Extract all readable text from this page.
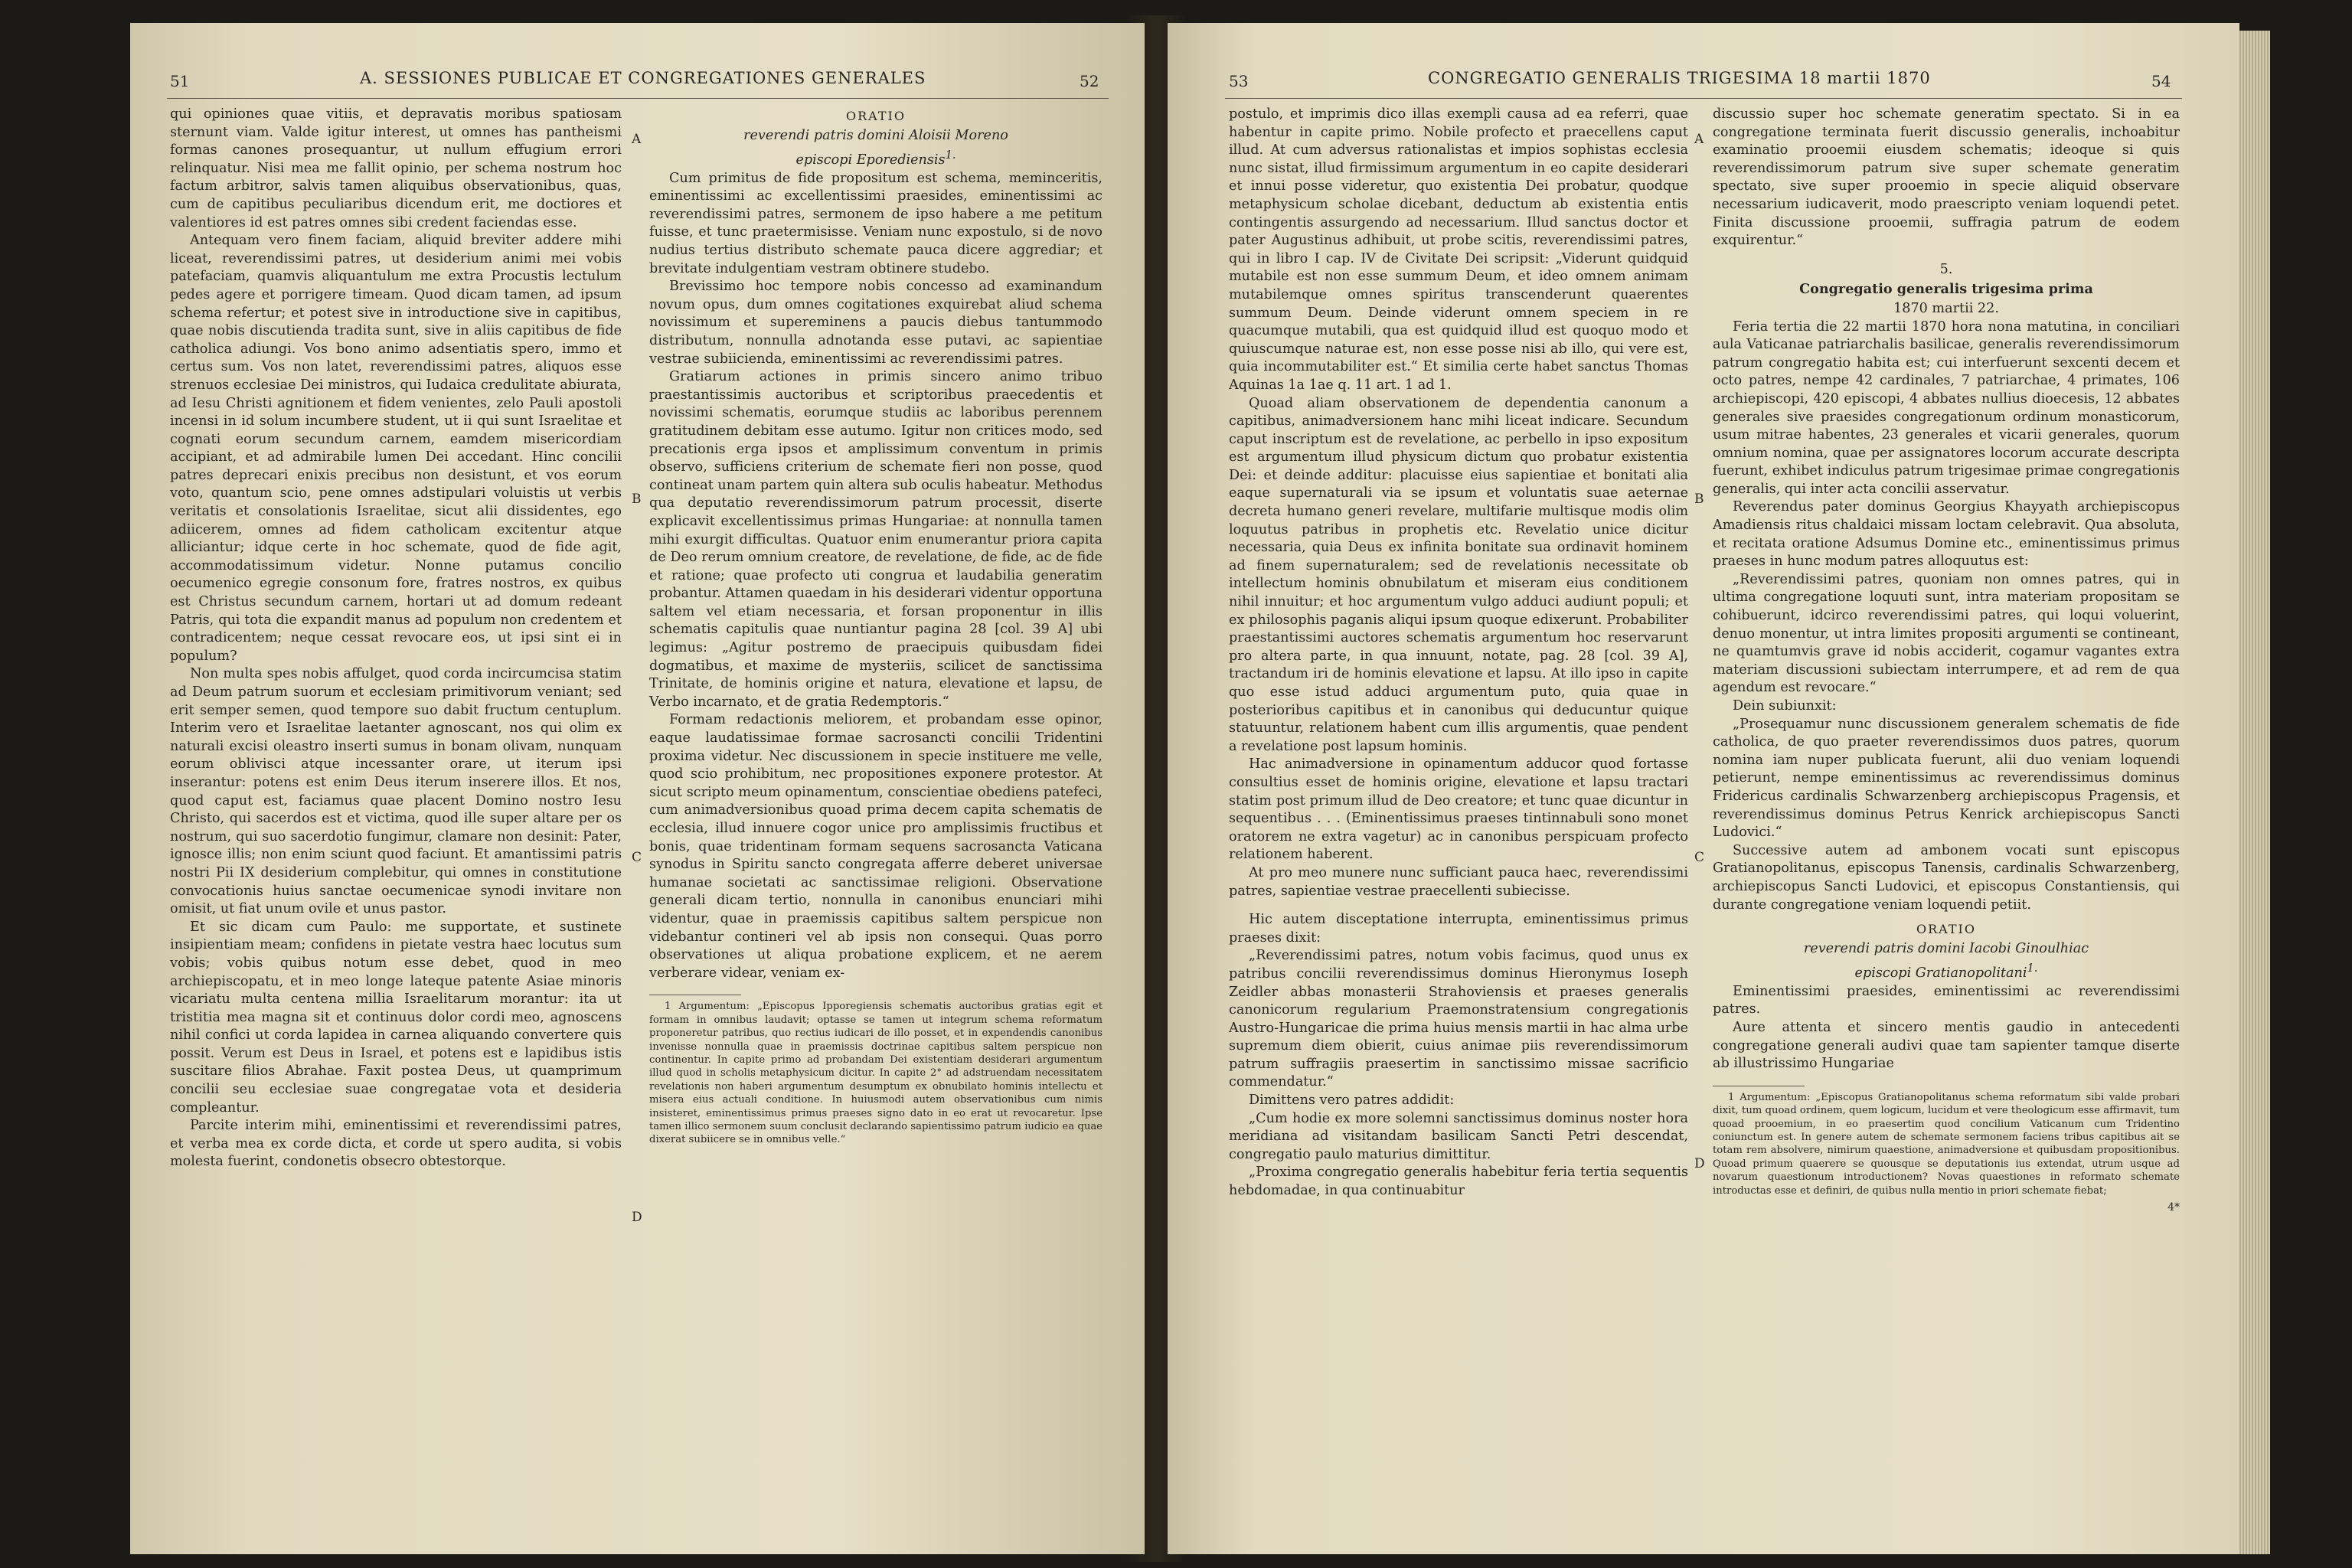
51	A. SESSIONES PUBLICAE ET CONGREGATIONES GENERALES	52

qui opiniones quae vitiis, et depravatis moribus spatiosam sternunt viam. Valde igitur interest, ut omnes has pantheismi formas canones prosequantur, ut nullum effugium errori relinquatur. Nisi mea me fallit opinio, per schema nostrum hoc factum arbitror, salvis tamen aliquibus observationibus, quas, cum de capitibus peculiaribus dicendum erit, me doctiores et valentiores id est patres omnes sibi credent faciendas esse.

Antequam vero finem faciam, aliquid breviter addere mihi liceat, reverendissimi patres, ut desiderium animi mei vobis patefaciam, quamvis aliquantulum me extra Procustis lectulum pedes agere et porrigere timeam. Quod dicam tamen, ad ipsum schema refertur; et potest sive in introductione sive in capitibus, quae nobis discutienda tradita sunt, sive in aliis capitibus de fide catholica adiungi. Vos bono animo adsentiatis spero, immo et certus sum. Vos non latet, reverendissimi patres, aliquos esse strenuos ecclesiae Dei ministros, qui Iudaica credulitate abiurata, ad Iesu Christi agnitionem et fidem venientes, zelo Pauli apostoli incensi in id solum incumbere student, ut ii qui sunt Israelitae et cognati eorum secundum carnem, eamdem misericordiam accipiant, et ad admirabile lumen Dei accedant. Hinc concilii patres deprecari enixis precibus non desistunt, et vos eorum voto, quantum scio, pene omnes adstipulari voluistis ut verbis veritatis et consolationis Israelitae, sicut alii dissidentes, ego adiicerem, omnes ad fidem catholicam excitentur atque alliciantur; idque certe in hoc schemate, quod de fide agit, accommodatissimum videtur. Nonne putamus concilio oecumenico egregie consonum fore, fratres nostros, ex quibus est Christus secundum carnem, hortari ut ad domum redeant Patris, qui tota die expandit manus ad populum non credentem et contradicentem; neque cessat revocare eos, ut ipsi sint ei in populum?

Non multa spes nobis affulget, quod corda incircumcisa statim ad Deum patrum suorum et ecclesiam primitivorum veniant; sed erit semper semen, quod tempore suo dabit fructum centuplum. Interim vero et Israelitae laetanter agnoscant, nos qui olim ex naturali excisi oleastro inserti sumus in bonam olivam, nunquam eorum oblivisci atque incessanter orare, ut iterum ipsi inserantur: potens est enim Deus iterum inserere illos. Et nos, quod caput est, faciamus quae placent Domino nostro Iesu Christo, qui sacerdos est et victima, quod ille super altare per os nostrum, qui suo sacerdotio fungimur, clamare non desinit: Pater, ignosce illis; non enim sciunt quod faciunt. Et amantissimi patris nostri Pii IX desiderium complebitur, qui omnes in constitutione convocationis huius sanctae oecumenicae synodi invitare non omisit, ut fiat unum ovile et unus pastor.

Et sic dicam cum Paulo: me supportate, et sustinete insipientiam meam; confidens in pietate vestra haec locutus sum vobis; vobis quibus notum esse debet, quod in meo archiepiscopatu, et in meo longe lateque patente Asiae minoris vicariatu multa centena millia Israelitarum morantur: ita ut tristitia mea magna sit et continuus dolor cordi meo, agnoscens nihil confici ut corda lapidea in carnea aliquando convertere quis possit. Verum est Deus in Israel, et potens est e lapidibus istis suscitare filios Abrahae. Faxit postea Deus, ut quamprimum concilii seu ecclesiae suae congregatae vota et desideria compleantur.

Parcite interim mihi, eminentissimi et reverendissimi patres, et verba mea ex corde dicta, et corde ut spero audita, si vobis molesta fuerint, condonetis obsecro obtestorque.

A
B
C
D
ORATIO
reverendi patris domini Aloisii Moreno
episcopi Eporediensis$^{1.}$

Cum primitus de fide propositum est schema, meminceritis, eminentissimi ac excellentissimi praesides, eminentissimi ac reverendissimi patres, sermonem de ipso habere a me petitum fuisse, et tunc praetermisisse. Veniam nunc expostulo, si de novo nudius tertius distributo schemate pauca dicere aggrediar; et brevitate indulgentiam vestram obtinere studebo.

Brevissimo hoc tempore nobis concesso ad examinandum novum opus, dum omnes cogitationes exquirebat aliud schema novissimum et supereminens a paucis diebus tantummodo distributum, nonnulla adnotanda esse putavi, ac sapientiae vestrae subiicienda, eminentissimi ac reverendissimi patres.

Gratiarum actiones in primis sincero animo tribuo praestantissimis auctoribus et scriptoribus praecedentis et novissimi schematis, eorumque studiis ac laboribus perennem gratitudinem debitam esse autumo. Igitur non critices modo, sed precationis erga ipsos et amplissimum conventum in primis observo, sufficiens criterium de schemate fieri non posse, quod contineat unam partem quin altera sub oculis habeatur. Methodus qua deputatio reverendissimorum patrum processit, diserte explicavit excellentissimus primas Hungariae: at nonnulla tamen mihi exurgit difficultas. Quatuor enim enumerantur priora capita de Deo rerum omnium creatore, de revelatione, de fide, ac de fide et ratione; quae profecto uti congrua et laudabilia generatim probantur. Attamen quaedam in his desiderari videntur opportuna saltem vel etiam necessaria, et forsan proponentur in illis schematis capitulis quae nuntiantur pagina 28 [col. 39 A] ubi legimus: „Agitur postremo de praecipuis quibusdam fidei dogmatibus, et maxime de mysteriis, scilicet de sanctissima Trinitate, de hominis origine et natura, elevatione et lapsu, de Verbo incarnato, et de gratia Redemptoris.“

Formam redactionis meliorem, et probandam esse opinor, eaque laudatissimae formae sacrosancti concilii Tridentini proxima videtur. Nec discussionem in specie instituere me velle, quod scio prohibitum, nec propositiones exponere protestor. At sicut scripto meum opinamentum, conscientiae obediens patefeci, cum animadversionibus quoad prima decem capita schematis de ecclesia, illud innuere cogor unice pro amplissimis fructibus et bonis, quae tridentinam formam sequens sacrosancta Vaticana synodus in Spiritu sancto congregata afferre deberet universae humanae societati ac sanctissimae religioni. Observatione generali dicam tertio, nonnulla in canonibus enunciari mihi videntur, quae in praemissis capitibus saltem perspicue non videbantur contineri vel ab ipsis non consequi. Quas porro observationes ut aliqua probatione explicem, et ne aerem verberare videar, veniam ex-

1 Argumentum: „Episcopus Ipporegiensis schematis auctoribus gratias egit et formam in omnibus laudavit; optasse se tamen ut integrum schema reformatum proponeretur patribus, quo rectius iudicari de illo posset, et in expendendis canonibus invenisse nonnulla quae in praemissis doctrinae capitibus saltem perspicue non continentur. In capite primo ad probandam Dei existentiam desiderari argumentum illud quod in scholis metaphysicum dicitur. In capite 2° ad adstruendam necessitatem revelationis non haberi argumentum desumptum ex obnubilato hominis intellectu et misera eius actuali conditione. In huiusmodi autem observationibus cum nimis insisteret, eminentissimus primus praeses signo dato in eo erat ut revocaretur. Ipse tamen illico sermonem suum conclusit declarando sapientissimo patrum iudicio ea quae dixerat subiicere se in omnibus velle.“

53	CONGREGATIO GENERALIS TRIGESIMA 18 martii 1870	54

postulo, et imprimis dico illas exempli causa ad ea referri, quae habentur in capite primo. Nobile profecto et praecellens caput illud. At cum adversus rationalistas et impios sophistas ecclesia nunc sistat, illud firmissimum argumentum in eo capite desiderari et innui posse videretur, quo existentia Dei probatur, quodque metaphysicum scholae dicebant, deductum ab existentia entis contingentis assurgendo ad necessarium. Illud sanctus doctor et pater Augustinus adhibuit, ut probe scitis, reverendissimi patres, qui in libro I cap. IV de Civitate Dei scripsit: „Viderunt quidquid mutabile est non esse summum Deum, et ideo omnem animam mutabilemque omnes spiritus transcenderunt quaerentes summum Deum. Deinde viderunt omnem speciem in re quacumque mutabili, qua est quidquid illud est quoquo modo et quiuscumque naturae est, non esse posse nisi ab illo, qui vere est, quia incommutabiliter est.“ Et similia certe habet sanctus Thomas Aquinas 1a 1ae q. 11 art. 1 ad 1.

Quoad aliam observationem de dependentia canonum a capitibus, animadversionem hanc mihi liceat indicare. Secundum caput inscriptum est de revelatione, ac perbello in ipso expositum est argumentum illud physicum dictum quo probatur existentia Dei: et deinde additur: placuisse eius sapientiae et bonitati alia eaque supernaturali via se ipsum et voluntatis suae aeternae decreta humano generi revelare, multifarie multisque modis olim loquutus patribus in prophetis etc. Revelatio unice dicitur necessaria, quia Deus ex infinita bonitate sua ordinavit hominem ad finem supernaturalem; sed de revelationis necessitate ob intellectum hominis obnubilatum et miseram eius conditionem nihil innuitur; et hoc argumentum vulgo adduci audiunt populi; et ex philosophis paganis aliqui ipsum quoque edixerunt. Probabiliter praestantissimi auctores schematis argumentum hoc reservarunt pro altera parte, in qua innuunt, notate, pag. 28 [col. 39 A], tractandum iri de hominis elevatione et lapsu. At illo ipso in capite quo esse istud adduci argumentum puto, quia quae in posterioribus capitibus et in canonibus qui deducuntur quique statuuntur, relationem habent cum illis argumentis, quae pendent a revelatione post lapsum hominis.

Hac animadversione in opinamentum adducor quod fortasse consultius esset de hominis origine, elevatione et lapsu tractari statim post primum illud de Deo creatore; et tunc quae dicuntur in sequentibus . . . (Eminentissimus praeses tintinnabuli sono monet oratorem ne extra vagetur) ac in canonibus perspicuam profecto relationem haberent.

At pro meo munere nunc sufficiant pauca haec, reverendissimi patres, sapientiae vestrae praecellenti subiecisse.

Hic autem disceptatione interrupta, eminentissimus primus praeses dixit:

„Reverendissimi patres, notum vobis facimus, quod unus ex patribus concilii reverendissimus dominus Hieronymus Ioseph Zeidler abbas monasterii Strahoviensis et praeses generalis canonicorum regularium Praemonstratensium congregationis Austro-Hungaricae die prima huius mensis martii in hac alma urbe supremum diem obierit, cuius animae piis reverendissimorum patrum suffragiis praesertim in sanctissimo missae sacrificio commendatur.“

Dimittens vero patres addidit:

„Cum hodie ex more solemni sanctissimus dominus noster hora meridiana ad visitandam basilicam Sancti Petri descendat, congregatio paulo maturius dimittitur.

„Proxima congregatio generalis habebitur feria tertia sequentis hebdomadae, in qua continuabitur

A
B
C
D

discussio super hoc schemate generatim spectato. Si in ea congregatione terminata fuerit discussio generalis, inchoabitur examinatio prooemii eiusdem schematis; ideoque si quis reverendissimorum patrum sive super schemate generatim spectato, sive super prooemio in specie aliquid observare necessarium iudicaverit, modo praescripto veniam loquendi petet. Finita discussione prooemii, suffragia patrum de eodem exquirentur.“

5.
Congregatio generalis trigesima prima
1870 martii 22.

Feria tertia die 22 martii 1870 hora nona matutina, in conciliari aula Vaticanae patriarchalis basilicae, generalis reverendissimorum patrum congregatio habita est; cui interfuerunt sexcenti decem et octo patres, nempe 42 cardinales, 7 patriarchae, 4 primates, 106 archiepiscopi, 420 episcopi, 4 abbates nullius dioecesis, 12 abbates generales sive praesides congregationum ordinum monasticorum, usum mitrae habentes, 23 generales et vicarii generales, quorum omnium nomina, quae per assignatores locorum accurate descripta fuerunt, exhibet indiculus patrum trigesimae primae congregationis generalis, qui inter acta concilii asservatur.

Reverendus pater dominus Georgius Khayyath archiepiscopus Amadiensis ritus chaldaici missam loctam celebravit. Qua absoluta, et recitata oratione Adsumus Domine etc., eminentissimus primus praeses in hunc modum patres alloquutus est:

„Reverendissimi patres, quoniam non omnes patres, qui in ultima congregatione loquuti sunt, intra materiam propositam se cohibuerunt, idcirco reverendissimi patres, qui loqui voluerint, denuo monentur, ut intra limites propositi argumenti se contineant, ne quamtumvis grave id nobis acciderit, cogamur vagantes extra materiam discussioni subiectam interrumpere, et ad rem de qua agendum est revocare.“

Dein subiunxit:

„Prosequamur nunc discussionem generalem schematis de fide catholica, de quo praeter reverendissimos duos patres, quorum nomina iam nuper publicata fuerunt, alii duo veniam loquendi petierunt, nempe eminentissimus ac reverendissimus dominus Fridericus cardinalis Schwarzenberg archiepiscopus Pragensis, et reverendissimus dominus Petrus Kenrick archiepiscopus Sancti Ludovici.“

Successive autem ad ambonem vocati sunt episcopus Gratianopolitanus, episcopus Tanensis, cardinalis Schwarzenberg, archiepiscopus Sancti Ludovici, et episcopus Constantiensis, qui durante congregatione veniam loquendi petiit.

ORATIO
reverendi patris domini Iacobi Ginoulhiac
episcopi Gratianopolitani$^{1.}$

Eminentissimi praesides, eminentissimi ac reverendissimi patres.

Aure attenta et sincero mentis gaudio in antecedenti congregatione generali audivi quae tam sapienter tamque diserte ab illustrissimo Hungariae

1 Argumentum: „Episcopus Gratianopolitanus schema reformatum sibi valde probari dixit, tum quoad ordinem, quem logicum, lucidum et vere theologicum esse affirmavit, tum quoad prooemium, in eo praesertim quod concilium Vaticanum cum Tridentino coniunctum est. In genere autem de schemate sermonem faciens tribus capitibus ait se totam rem absolvere, nimirum quaestione, animadversione et quibusdam propositionibus. Quoad primum quaerere se quousque se deputationis ius extendat, utrum usque ad novarum quaestionum introductionem? Novas quaestiones in reformato schemate introductas esse et definiri, de quibus nulla mentio in priori schemate fiebat;

4*
